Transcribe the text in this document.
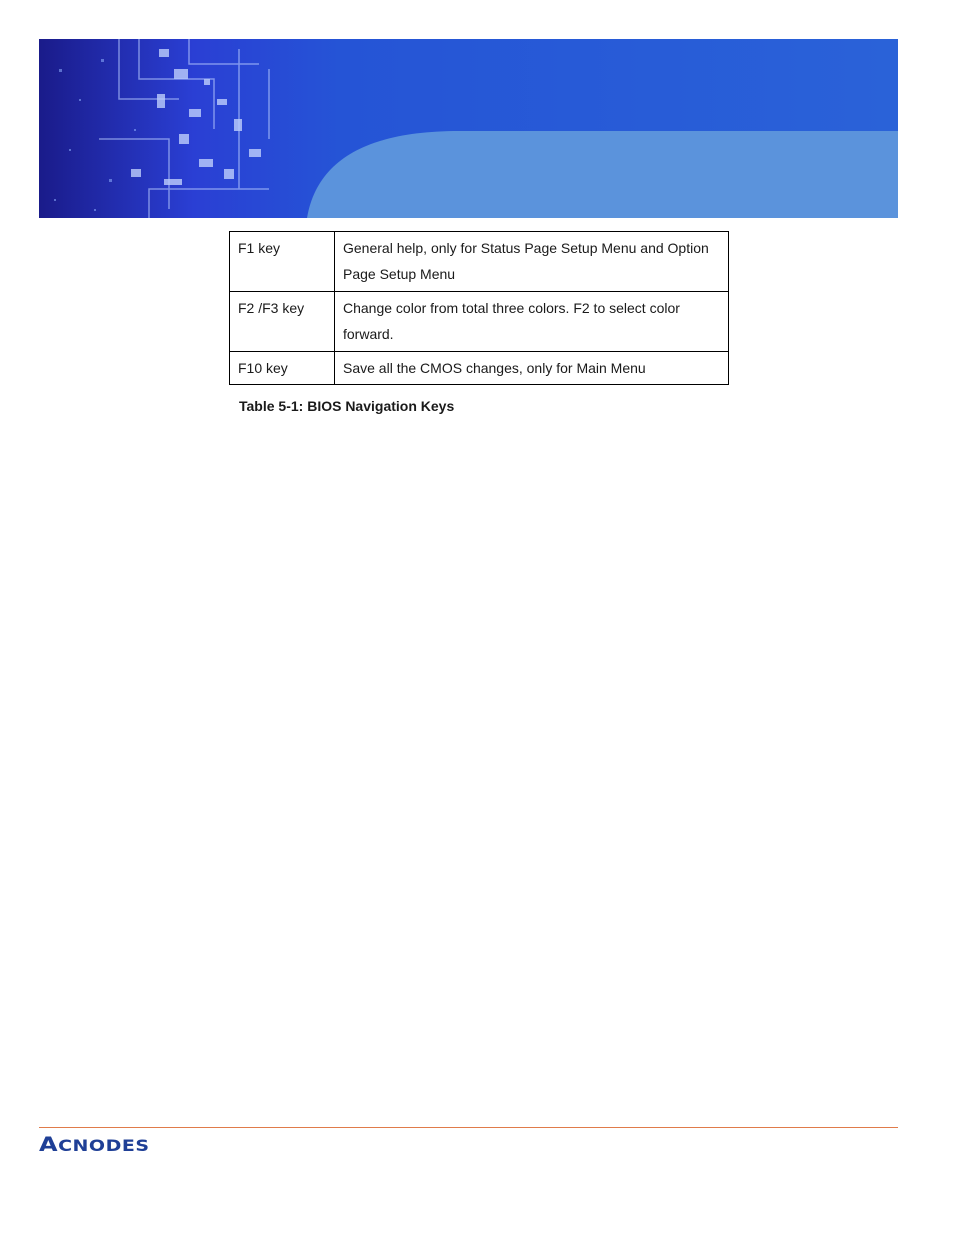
F1 key	General help, only for Status Page Setup Menu and Option Page Setup Menu
F2 /F3 key	Change color from total three colors. F2 to select color forward.
F10 key	Save all the CMOS changes, only for Main Menu
Table 5-1: BIOS Navigation Keys
ACNODES
